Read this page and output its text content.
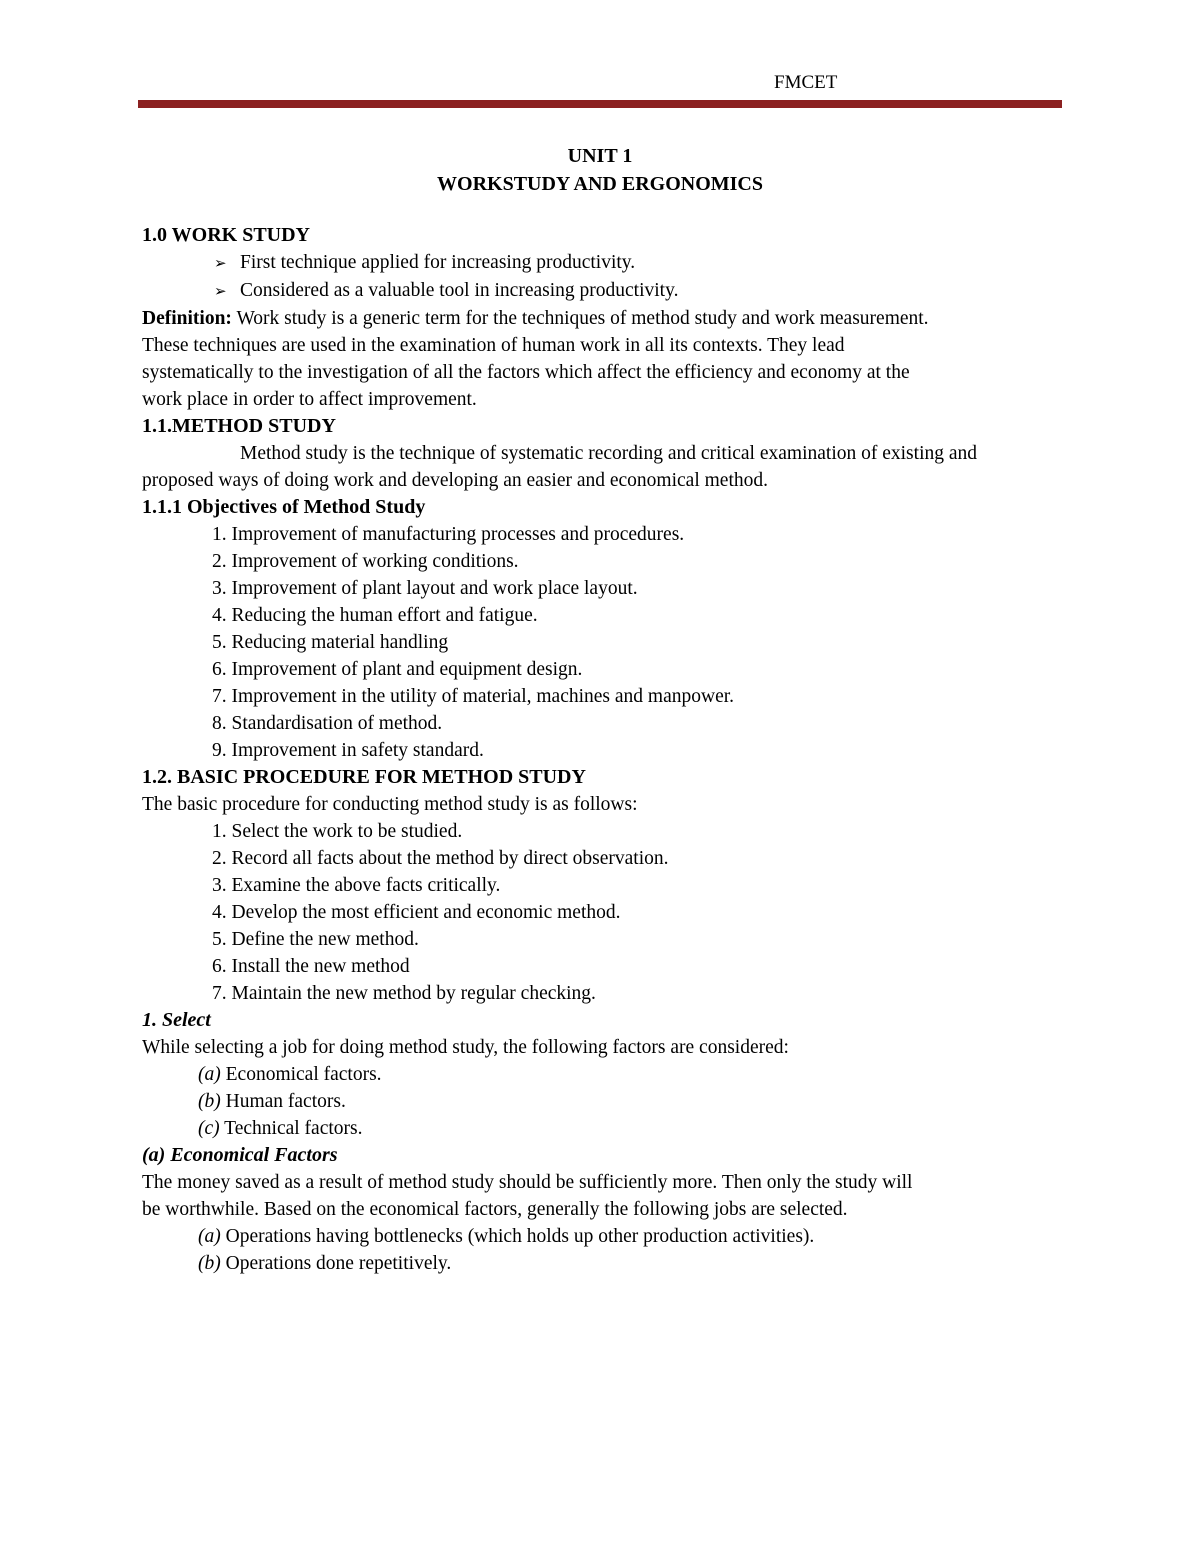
FMCET
UNIT 1
WORKSTUDY AND ERGONOMICS

1.0 WORK STUDY

➢ First technique applied for increasing productivity.
➢ Considered as a valuable tool in increasing productivity.

Definition: Work study is a generic term for the techniques of method study and work measurement.

These techniques are used in the examination of human work in all its contexts. They lead

systematically to the investigation of all the factors which affect the efficiency and economy at the

work place in order to affect improvement.

1.1.METHOD STUDY

Method study is the technique of systematic recording and critical examination of existing and

proposed ways of doing work and developing an easier and economical method.

1.1.1 Objectives of Method Study

1. Improvement of manufacturing processes and procedures.
2. Improvement of working conditions.
3. Improvement of plant layout and work place layout.
4. Reducing the human effort and fatigue.
5. Reducing material handling
6. Improvement of plant and equipment design.
7. Improvement in the utility of material, machines and manpower.
8. Standardisation of method.
9. Improvement in safety standard.

1.2. BASIC PROCEDURE FOR METHOD STUDY

The basic procedure for conducting method study is as follows:

1. Select the work to be studied.
2. Record all facts about the method by direct observation.
3. Examine the above facts critically.
4. Develop the most efficient and economic method.
5. Define the new method.
6. Install the new method
7. Maintain the new method by regular checking.

1. Select

While selecting a job for doing method study, the following factors are considered:

(a) Economical factors.
(b) Human factors.
(c) Technical factors.

(a) Economical Factors

The money saved as a result of method study should be sufficiently more. Then only the study will

be worthwhile. Based on the economical factors, generally the following jobs are selected.

(a) Operations having bottlenecks (which holds up other production activities).
(b) Operations done repetitively.
